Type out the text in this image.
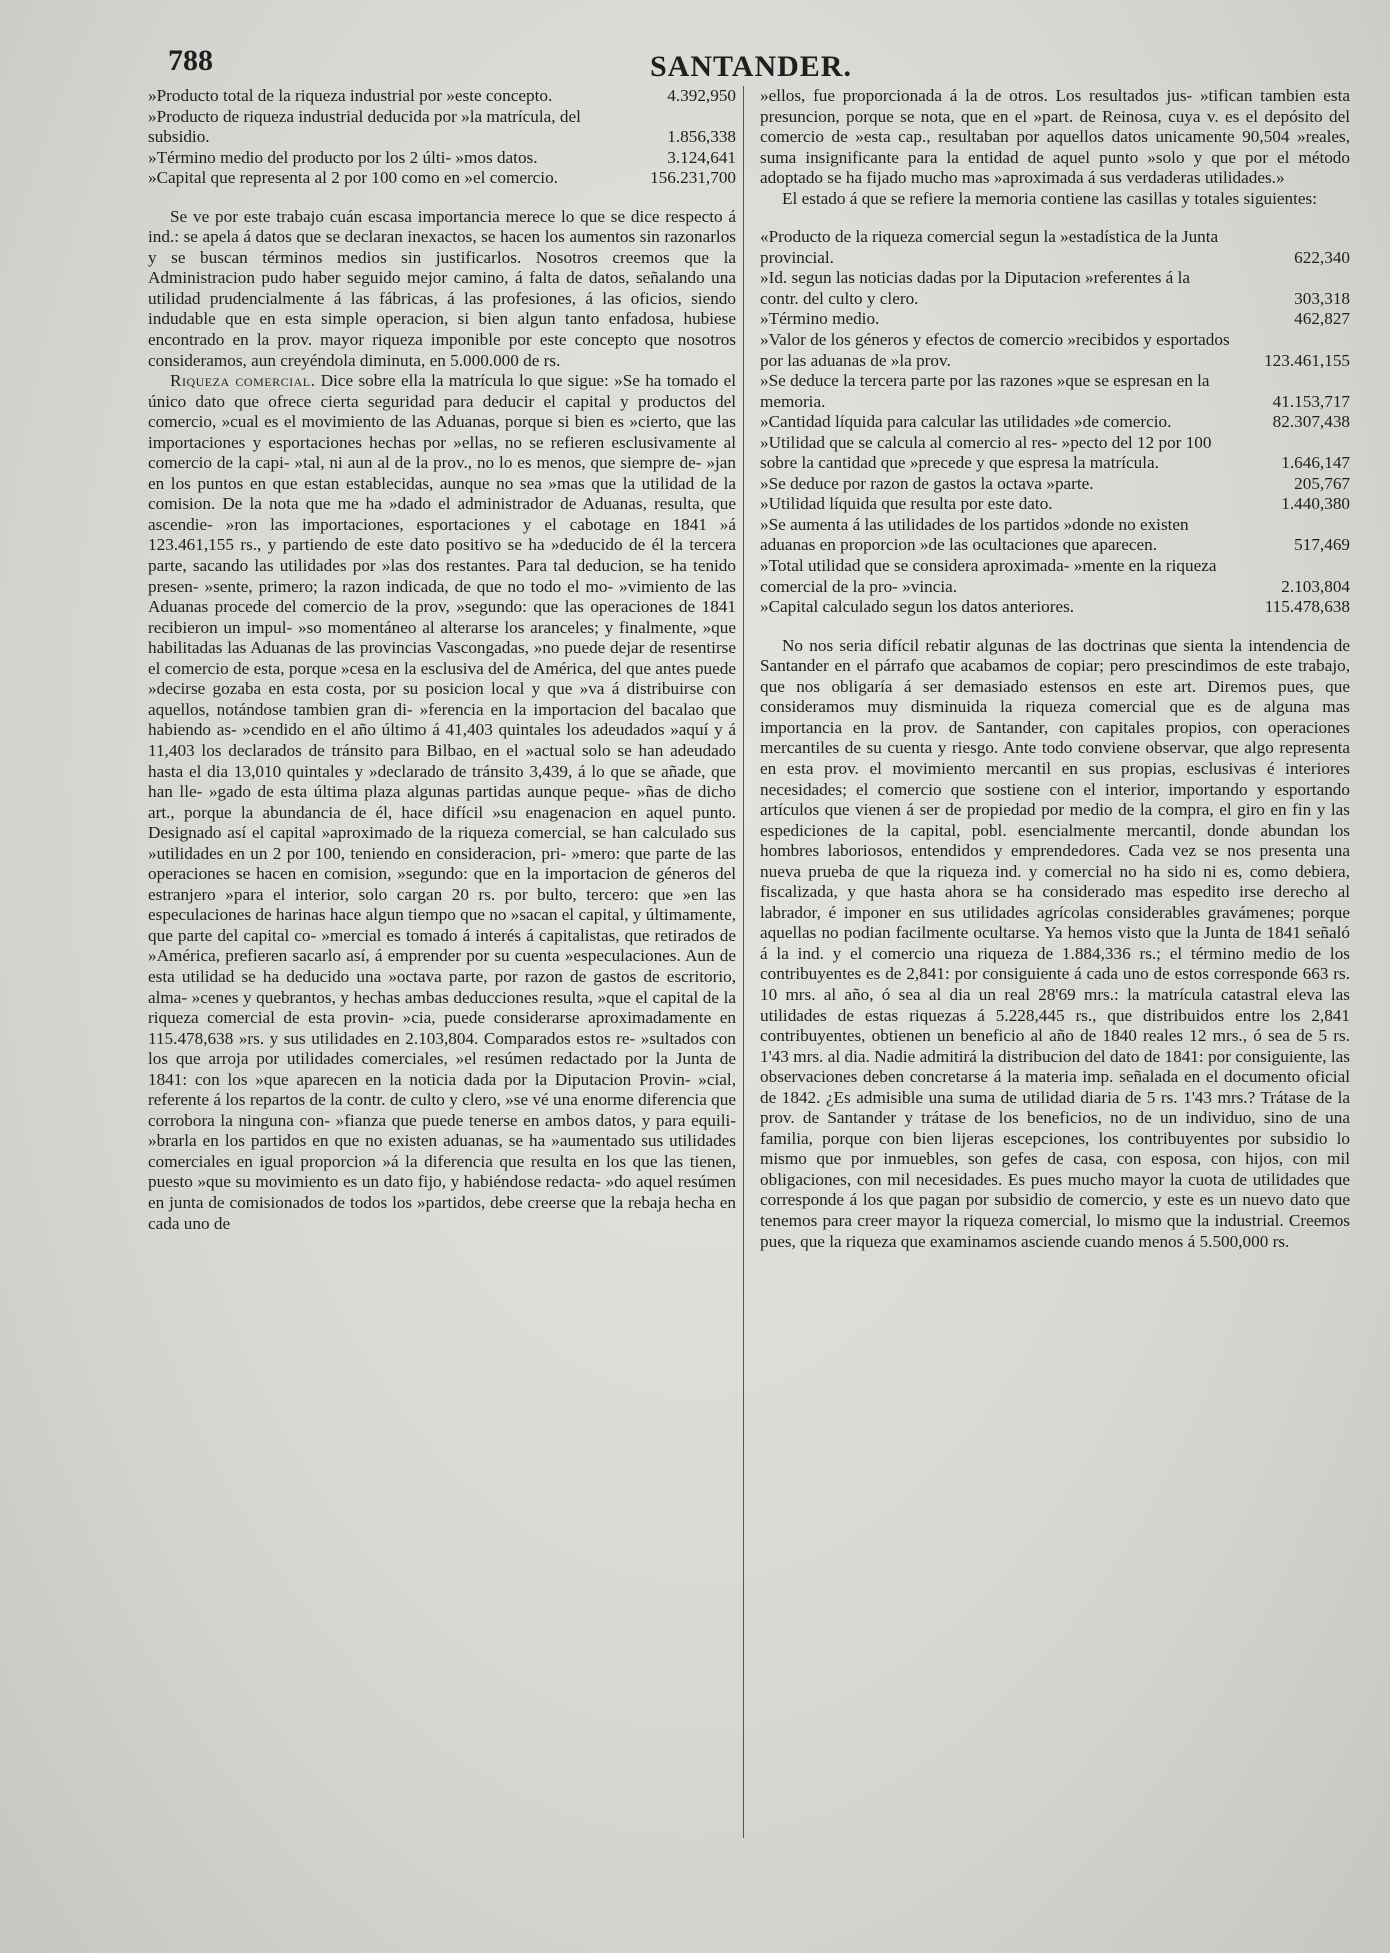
788	SANTANDER.
»Producto total de la riqueza industrial por »este concepto.	4.392,950
»Producto de riqueza industrial deducida por »la matrícula, del subsidio.	1.856,338
»Término medio del producto por los 2 últi- »mos datos.	3.124,641
»Capital que representa al 2 por 100 como en »el comercio.	156.231,700

Se ve por este trabajo cuán escasa importancia merece lo que se dice respecto á ind.: se apela á datos que se declaran inexactos, se hacen los aumentos sin razonarlos y se buscan términos medios sin justificarlos. Nosotros creemos que la Administracion pudo haber seguido mejor camino, á falta de datos, señalando una utilidad prudencialmente á las fábricas, á las profesiones, á las oficios, siendo indudable que en esta simple operacion, si bien algun tanto enfadosa, hubiese encontrado en la prov. mayor riqueza imponible por este concepto que nosotros consideramos, aun creyéndola diminuta, en 5.000.000 de rs.

Riqueza comercial. Dice sobre ella la matrícula lo que sigue: »Se ha tomado el único dato que ofrece cierta seguridad para deducir el capital y productos del comercio, »cual es el movimiento de las Aduanas, porque si bien es »cierto, que las importaciones y esportaciones hechas por »ellas, no se refieren esclusivamente al comercio de la capi- »tal, ni aun al de la prov., no lo es menos, que siempre de- »jan en los puntos en que estan establecidas, aunque no sea »mas que la utilidad de la comision. De la nota que me ha »dado el administrador de Aduanas, resulta, que ascendie- »ron las importaciones, esportaciones y el cabotage en 1841 »á 123.461,155 rs., y partiendo de este dato positivo se ha »deducido de él la tercera parte, sacando las utilidades por »las dos restantes. Para tal deducion, se ha tenido presen- »sente, primero; la razon indicada, de que no todo el mo- »vimiento de las Aduanas procede del comercio de la prov, »segundo: que las operaciones de 1841 recibieron un impul- »so momentáneo al alterarse los aranceles; y finalmente, »que habilitadas las Aduanas de las provincias Vascongadas, »no puede dejar de resentirse el comercio de esta, porque »cesa en la esclusiva del de América, del que antes puede »decirse gozaba en esta costa, por su posicion local y que »va á distribuirse con aquellos, notándose tambien gran di- »ferencia en la importacion del bacalao que habiendo as- »cendido en el año último á 41,403 quintales los adeudados »aquí y á 11,403 los declarados de tránsito para Bilbao, en el »actual solo se han adeudado hasta el dia 13,010 quintales y »declarado de tránsito 3,439, á lo que se añade, que han lle- »gado de esta última plaza algunas partidas aunque peque- »ñas de dicho art., porque la abundancia de él, hace difícil »su enagenacion en aquel punto. Designado así el capital »aproximado de la riqueza comercial, se han calculado sus »utilidades en un 2 por 100, teniendo en consideracion, pri- »mero: que parte de las operaciones se hacen en comision, »segundo: que en la importacion de géneros del estranjero »para el interior, solo cargan 20 rs. por bulto, tercero: que »en las especulaciones de harinas hace algun tiempo que no »sacan el capital, y últimamente, que parte del capital co- »mercial es tomado á interés á capitalistas, que retirados de »América, prefieren sacarlo así, á emprender por su cuenta »especulaciones. Aun de esta utilidad se ha deducido una »octava parte, por razon de gastos de escritorio, alma- »cenes y quebrantos, y hechas ambas deducciones resulta, »que el capital de la riqueza comercial de esta provin- »cia, puede considerarse aproximadamente en 115.478,638 »rs. y sus utilidades en 2.103,804. Comparados estos re- »sultados con los que arroja por utilidades comerciales, »el resúmen redactado por la Junta de 1841: con los »que aparecen en la noticia dada por la Diputacion Provin- »cial, referente á los repartos de la contr. de culto y clero, »se vé una enorme diferencia que corrobora la ninguna con- »fianza que puede tenerse en ambos datos, y para equili- »brarla en los partidos en que no existen aduanas, se ha »aumentado sus utilidades comerciales en igual proporcion »á la diferencia que resulta en los que las tienen, puesto »que su movimiento es un dato fijo, y habiéndose redacta- »do aquel resúmen en junta de comisionados de todos los »partidos, debe creerse que la rebaja hecha en cada uno de

»ellos, fue proporcionada á la de otros. Los resultados jus- »tifican tambien esta presuncion, porque se nota, que en el »part. de Reinosa, cuya v. es el depósito del comercio de »esta cap., resultaban por aquellos datos unicamente 90,504 »reales, suma insignificante para la entidad de aquel punto »solo y que por el método adoptado se ha fijado mucho mas »aproximada á sus verdaderas utilidades.»

El estado á que se refiere la memoria contiene las casillas y totales siguientes:

«Producto de la riqueza comercial segun la »estadística de la Junta provincial.	622,340
»Id. segun las noticias dadas por la Diputacion »referentes á la contr. del culto y clero.	303,318
»Término medio.	462,827
»Valor de los géneros y efectos de comercio »recibidos y esportados por las aduanas de »la prov.	123.461,155
»Se deduce la tercera parte por las razones »que se espresan en la memoria.	41.153,717
»Cantidad líquida para calcular las utilidades »de comercio.	82.307,438
»Utilidad que se calcula al comercio al res- »pecto del 12 por 100 sobre la cantidad que »precede y que espresa la matrícula.	1.646,147
»Se deduce por razon de gastos la octava »parte.	205,767
»Utilidad líquida que resulta por este dato.	1.440,380
»Se aumenta á las utilidades de los partidos »donde no existen aduanas en proporcion »de las ocultaciones que aparecen.	517,469
»Total utilidad que se considera aproximada- »mente en la riqueza comercial de la pro- »vincia.	2.103,804
»Capital calculado segun los datos anteriores.	115.478,638

No nos seria difícil rebatir algunas de las doctrinas que sienta la intendencia de Santander en el párrafo que acabamos de copiar; pero prescindimos de este trabajo, que nos obligaría á ser demasiado estensos en este art. Diremos pues, que consideramos muy disminuida la riqueza comercial que es de alguna mas importancia en la prov. de Santander, con capitales propios, con operaciones mercantiles de su cuenta y riesgo. Ante todo conviene observar, que algo representa en esta prov. el movimiento mercantil en sus propias, esclusivas é interiores necesidades; el comercio que sostiene con el interior, importando y esportando artículos que vienen á ser de propiedad por medio de la compra, el giro en fin y las espediciones de la capital, pobl. esencialmente mercantil, donde abundan los hombres laboriosos, entendidos y emprendedores. Cada vez se nos presenta una nueva prueba de que la riqueza ind. y comercial no ha sido ni es, como debiera, fiscalizada, y que hasta ahora se ha considerado mas espedito irse derecho al labrador, é imponer en sus utilidades agrícolas considerables gravámenes; porque aquellas no podian facilmente ocultarse. Ya hemos visto que la Junta de 1841 señaló á la ind. y el comercio una riqueza de 1.884,336 rs.; el término medio de los contribuyentes es de 2,841: por consiguiente á cada uno de estos corresponde 663 rs. 10 mrs. al año, ó sea al dia un real 28'69 mrs.: la matrícula catastral eleva las utilidades de estas riquezas á 5.228,445 rs., que distribuidos entre los 2,841 contribuyentes, obtienen un beneficio al año de 1840 reales 12 mrs., ó sea de 5 rs. 1'43 mrs. al dia. Nadie admitirá la distribucion del dato de 1841: por consiguiente, las observaciones deben concretarse á la materia imp. señalada en el documento oficial de 1842. ¿Es admisible una suma de utilidad diaria de 5 rs. 1'43 mrs.? Trátase de la prov. de Santander y trátase de los beneficios, no de un individuo, sino de una familia, porque con bien lijeras escepciones, los contribuyentes por subsidio lo mismo que por inmuebles, son gefes de casa, con esposa, con hijos, con mil obligaciones, con mil necesidades. Es pues mucho mayor la cuota de utilidades que corresponde á los que pagan por subsidio de comercio, y este es un nuevo dato que tenemos para creer mayor la riqueza comercial, lo mismo que la industrial. Creemos pues, que la riqueza que examinamos asciende cuando menos á 5.500,000 rs.
